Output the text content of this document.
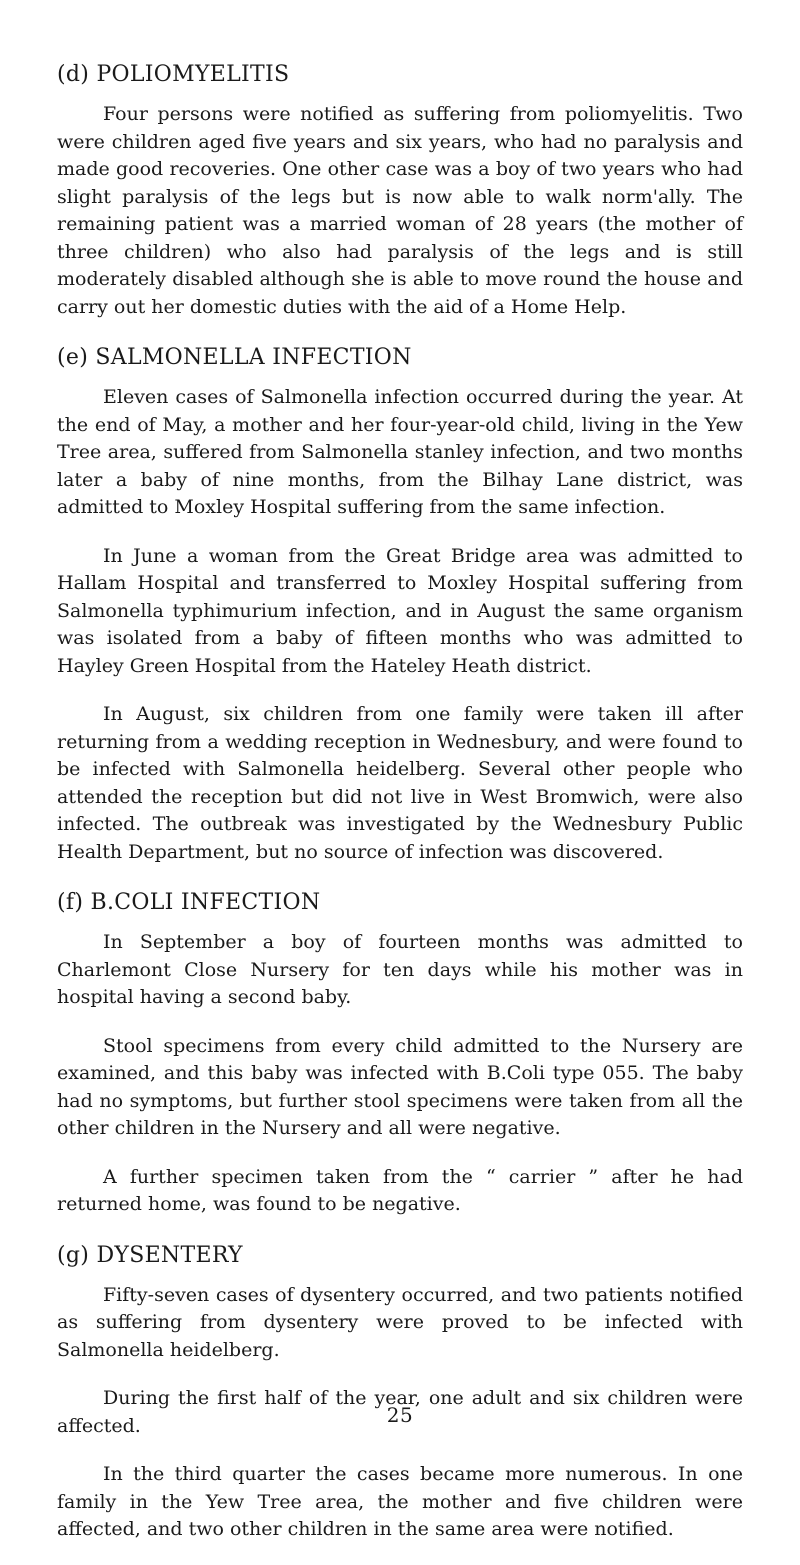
(d) POLIOMYELITIS

Four persons were notified as suffering from poliomyelitis. Two were children aged five years and six years, who had no paralysis and made good recoveries. One other case was a boy of two years who had slight paralysis of the legs but is now able to walk norm'ally. The remaining patient was a married woman of 28 years (the mother of three children) who also had paralysis of the legs and is still moderately disabled although she is able to move round the house and carry out her domestic duties with the aid of a Home Help.

(e) SALMONELLA INFECTION

Eleven cases of Salmonella infection occurred during the year. At the end of May, a mother and her four-year-old child, living in the Yew Tree area, suffered from Salmonella stanley infection, and two months later a baby of nine months, from the Bilhay Lane district, was admitted to Moxley Hospital suffering from the same infection.

In June a woman from the Great Bridge area was admitted to Hallam Hospital and transferred to Moxley Hospital suffering from Salmonella typhimurium infection, and in August the same organism was isolated from a baby of fifteen months who was admitted to Hayley Green Hospital from the Hateley Heath district.

In August, six children from one family were taken ill after returning from a wedding reception in Wednesbury, and were found to be infected with Salmonella heidelberg. Several other people who attended the reception but did not live in West Bromwich, were also infected. The outbreak was investigated by the Wednesbury Public Health Department, but no source of infection was discovered.

(f) B.COLI INFECTION

In September a boy of fourteen months was admitted to Charlemont Close Nursery for ten days while his mother was in hospital having a second baby.

Stool specimens from every child admitted to the Nursery are examined, and this baby was infected with B.Coli type 055. The baby had no symptoms, but further stool specimens were taken from all the other children in the Nursery and all were negative.

A further specimen taken from the “ carrier ” after he had returned home, was found to be negative.

(g) DYSENTERY

Fifty-seven cases of dysentery occurred, and two patients notified as suffering from dysentery were proved to be infected with Salmonella heidelberg.

During the first half of the year, one adult and six children were affected.

In the third quarter the cases became more numerous. In one family in the Yew Tree area, the mother and five children were affected, and two other children in the same area were notified.

25
